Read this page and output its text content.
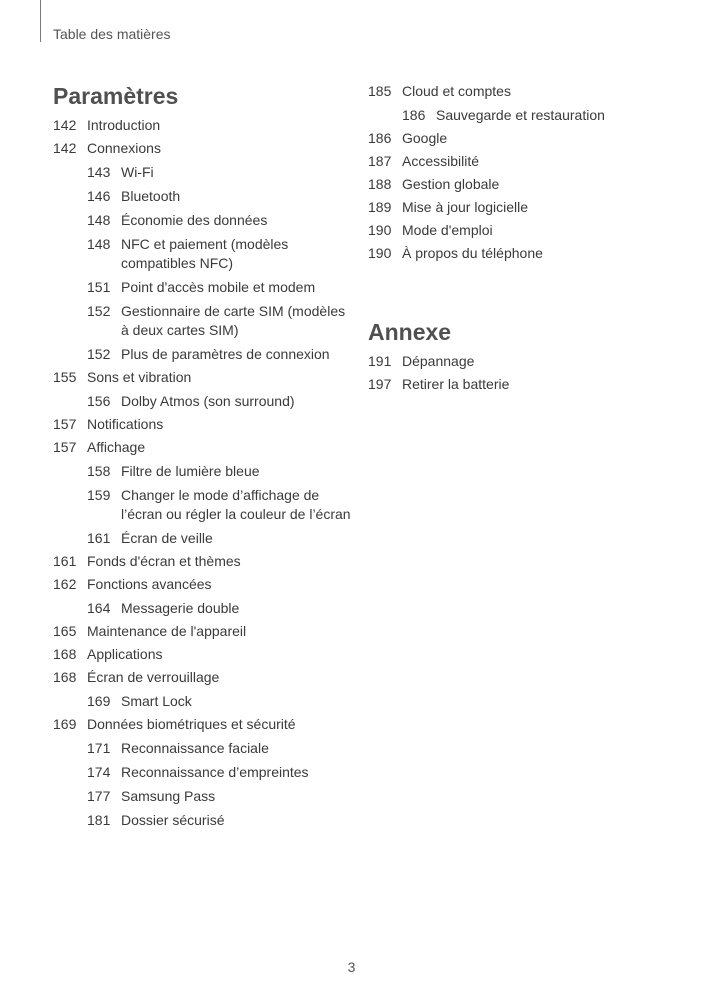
Table des matières
Paramètres
142 Introduction
142 Connexions
143 Wi-Fi
146 Bluetooth
148 Économie des données
148 NFC et paiement (modèles compatibles NFC)
151 Point d'accès mobile et modem
152 Gestionnaire de carte SIM (modèles à deux cartes SIM)
152 Plus de paramètres de connexion
155 Sons et vibration
156 Dolby Atmos (son surround)
157 Notifications
157 Affichage
158 Filtre de lumière bleue
159 Changer le mode d’affichage de l’écran ou régler la couleur de l’écran
161 Écran de veille
161 Fonds d'écran et thèmes
162 Fonctions avancées
164 Messagerie double
165 Maintenance de l'appareil
168 Applications
168 Écran de verrouillage
169 Smart Lock
169 Données biométriques et sécurité
171 Reconnaissance faciale
174 Reconnaissance d’empreintes
177 Samsung Pass
181 Dossier sécurisé
185 Cloud et comptes
186 Sauvegarde et restauration
186 Google
187 Accessibilité
188 Gestion globale
189 Mise à jour logicielle
190 Mode d'emploi
190 À propos du téléphone
Annexe
191 Dépannage
197 Retirer la batterie
3
